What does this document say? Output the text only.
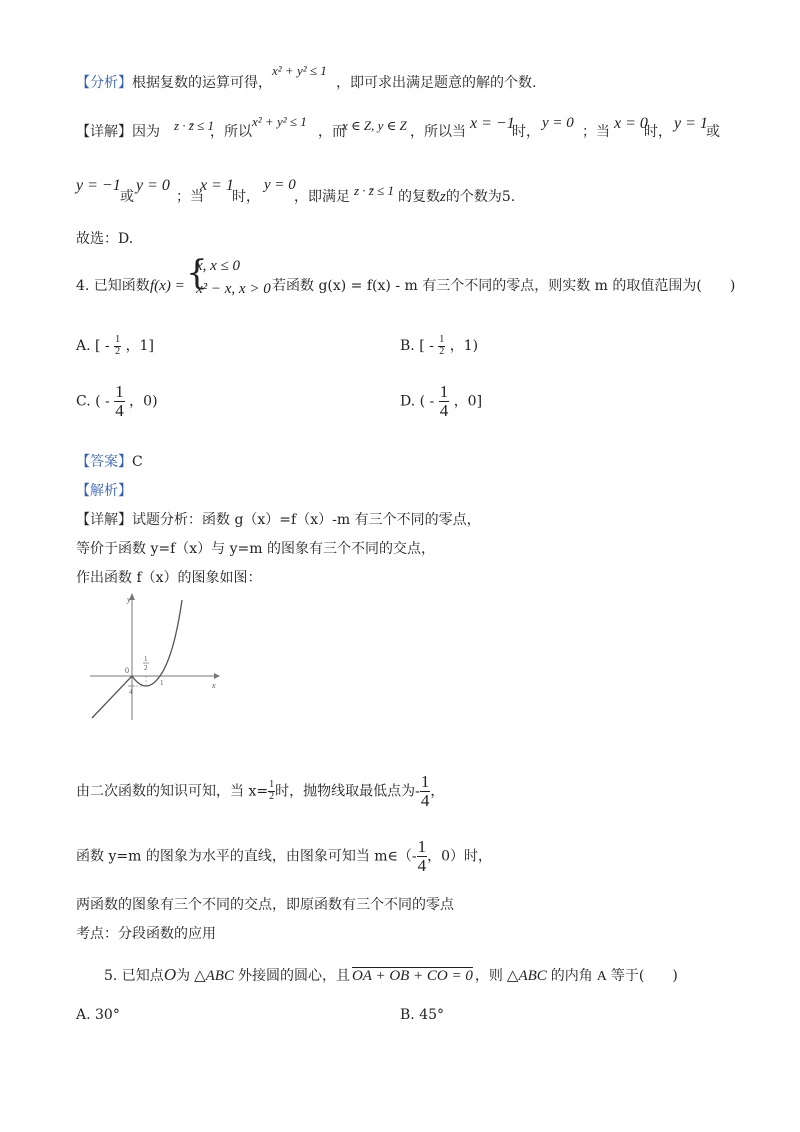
【分析】根据复数的运算可得，
x² + y² ≤ 1
，即可求出满足题意的解的个数.
【详解】因为 z · z̄ ≤ 1
，所以
x² + y² ≤ 1
，而
x ∈ Z, y ∈ Z ，所以当 x = −1
时，
y = 0
；当 x = 0
时， y = 1
或
y = −1
或
y = 0
；当
x = 1
时，
y = 0
，即满足 z · z̄ ≤ 1 的复数z的个数为5.
故选：D.
4. 已知函数 f(x) = {
x, x ≤ 0
x² − x, x > 0 若函数 g(x) = f(x) - m 有三个不同的零点，则实数 m 的取值范围为(　　)
A. [ - $\frac{1}{2}$ ，1]	B. [ - $\frac{1}{2}$ ，1)
C. ( - $\frac{1}{4}$ ，0)	D. ( - $\frac{1}{4}$ ，0]
【答案】C
【解析】
【详解】试题分析：函数 g（x）=f（x）-m 有三个不同的零点，
等价于函数 y=f（x）与 y=m 的图象有三个不同的交点，
作出函数 f（x）的图象如图：
y
x
0
1
2
1
4
由二次函数的知识可知，当 $x= \frac{1}{2}$ 时，抛物线取最低点为- $\frac{1}{4}$ ，
函数 y=m 的图象为水平的直线，由图象可知当 m∈（- $\frac{1}{4}$ ，0）时，
两函数的图象有三个不同的交点，即原函数有三个不同的零点
考点：分段函数的应用
5. 已知点O为 △ABC 外接圆的圆心，且 OA + OB + CO = 0 ，则 △ABC 的内角 A 等于(　　)
A. 30°	B. 45°
